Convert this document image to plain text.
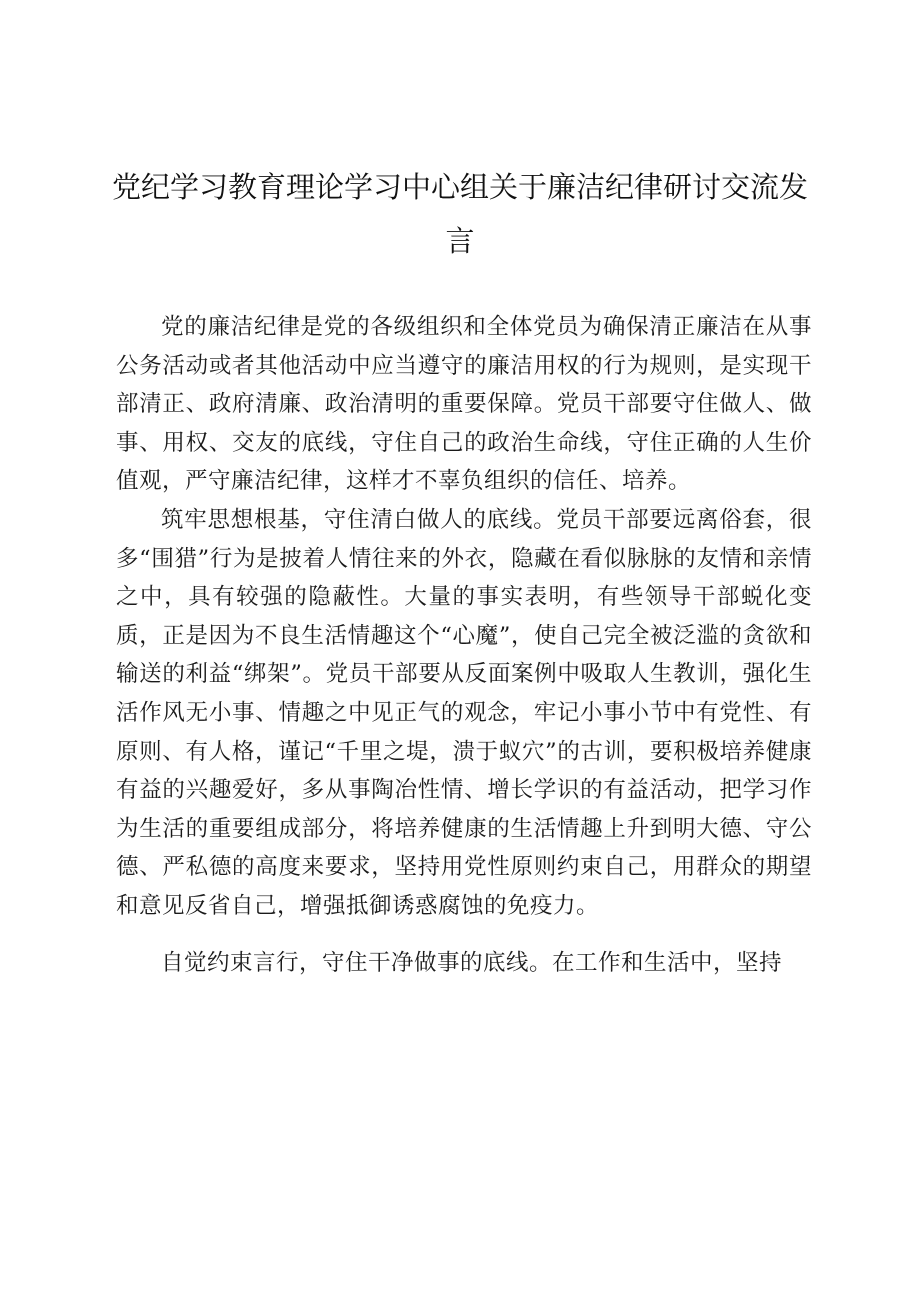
党纪学习教育理论学习中心组关于廉洁纪律研讨交流发言

党的廉洁纪律是党的各级组织和全体党员为确保清正廉洁在从事公务活动或者其他活动中应当遵守的廉洁用权的行为规则，是实现干部清正、政府清廉、政治清明的重要保障。党员干部要守住做人、做事、用权、交友的底线，守住自己的政治生命线，守住正确的人生价值观，严守廉洁纪律，这样才不辜负组织的信任、培养。

筑牢思想根基，守住清白做人的底线。党员干部要远离俗套，很多“围猎”行为是披着人情往来的外衣，隐藏在看似脉脉的友情和亲情之中，具有较强的隐蔽性。大量的事实表明，有些领导干部蜕化变质，正是因为不良生活情趣这个“心魔”，使自己完全被泛滥的贪欲和输送的利益“绑架”。党员干部要从反面案例中吸取人生教训，强化生活作风无小事、情趣之中见正气的观念，牢记小事小节中有党性、有原则、有人格，谨记“千里之堤，溃于蚁穴”的古训，要积极培养健康有益的兴趣爱好，多从事陶冶性情、增长学识的有益活动，把学习作为生活的重要组成部分，将培养健康的生活情趣上升到明大德、守公德、严私德的高度来要求，坚持用党性原则约束自己，用群众的期望和意见反省自己，增强抵御诱惑腐蚀的免疫力。

自觉约束言行，守住干净做事的底线。在工作和生活中，坚持
